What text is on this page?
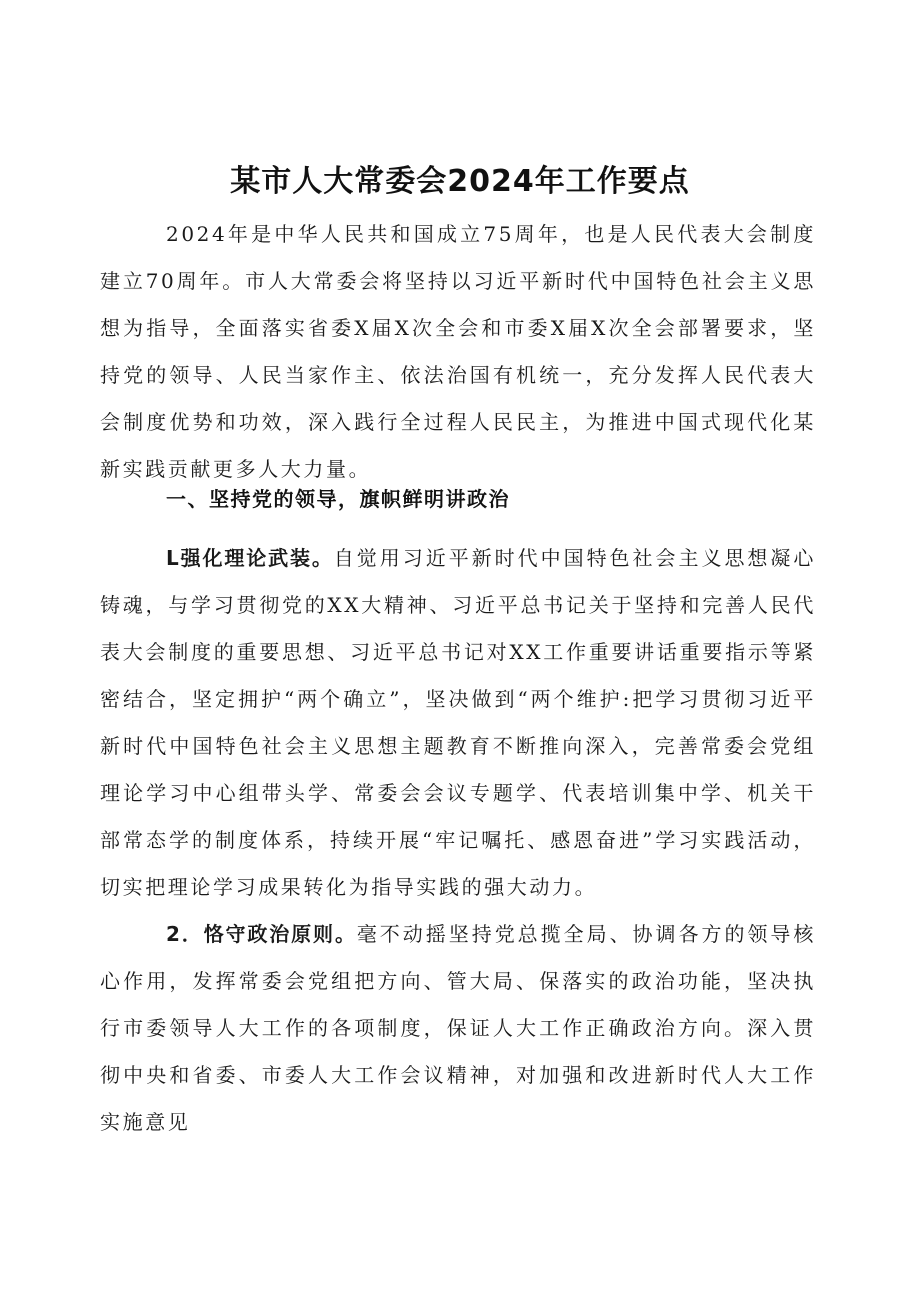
某市人大常委会2024年工作要点

2024年是中华人民共和国成立75周年，也是人民代表大会制度建立70周年。市人大常委会将坚持以习近平新时代中国特色社会主义思想为指导，全面落实省委X届X次全会和市委X届X次全会部署要求，坚持党的领导、人民当家作主、依法治国有机统一，充分发挥人民代表大会制度优势和功效，深入践行全过程人民民主，为推进中国式现代化某新实践贡献更多人大力量。

一、坚持党的领导，旗帜鲜明讲政治

L强化理论武装。自觉用习近平新时代中国特色社会主义思想凝心铸魂，与学习贯彻党的XX大精神、习近平总书记关于坚持和完善人民代表大会制度的重要思想、习近平总书记对XX工作重要讲话重要指示等紧密结合，坚定拥护“两个确立”，坚决做到“两个维护:把学习贯彻习近平新时代中国特色社会主义思想主题教育不断推向深入，完善常委会党组理论学习中心组带头学、常委会会议专题学、代表培训集中学、机关干部常态学的制度体系，持续开展“牢记嘱托、感恩奋进”学习实践活动，切实把理论学习成果转化为指导实践的强大动力。

2．恪守政治原则。毫不动摇坚持党总揽全局、协调各方的领导核心作用，发挥常委会党组把方向、管大局、保落实的政治功能，坚决执行市委领导人大工作的各项制度，保证人大工作正确政治方向。深入贯彻中央和省委、市委人大工作会议精神，对加强和改进新时代人大工作实施意见
